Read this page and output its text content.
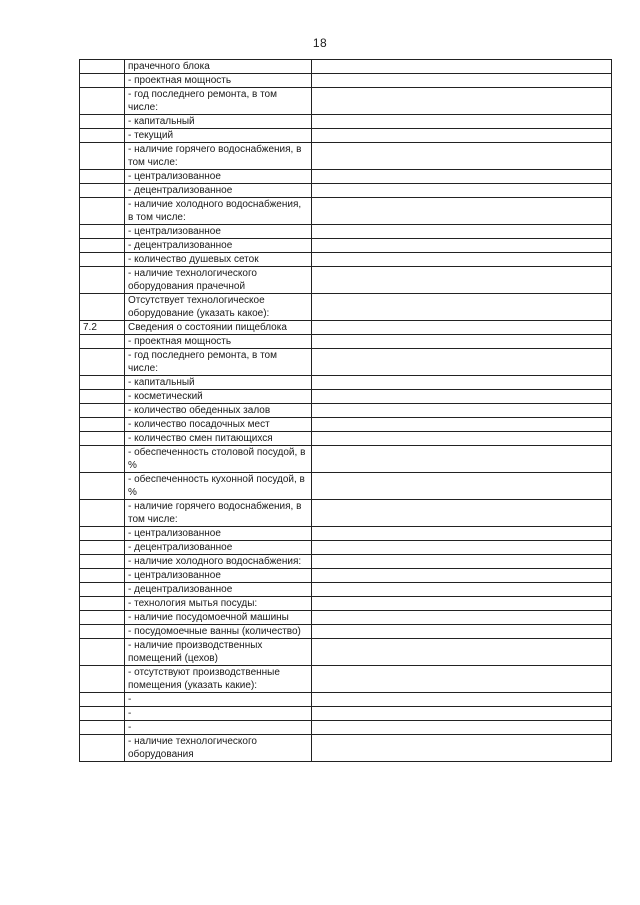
18
	прачечного блока	
	- проектная мощность	
	- год последнего ремонта, в том числе:	
	- капитальный	
	- текущий	
	- наличие горячего водоснабжения, в том числе:	
	- централизованное	
	- децентрализованное	
	- наличие холодного водоснабжения, в том числе:	
	- централизованное	
	- децентрализованное	
	- количество душевых сеток	
	- наличие технологического оборудования прачечной	
	Отсутствует технологическое оборудование (указать какое):	
7.2	Сведения о состоянии пищеблока	
	- проектная мощность	
	- год последнего ремонта, в том числе:	
	- капитальный	
	- косметический	
	- количество обеденных залов	
	- количество посадочных мест	
	- количество смен питающихся	
	- обеспеченность столовой посудой, в %	
	- обеспеченность кухонной посудой, в %	
	- наличие горячего водоснабжения, в том числе:	
	- централизованное	
	- децентрализованное	
	- наличие холодного водоснабжения:	
	- централизованное	
	- децентрализованное	
	- технология мытья посуды:	
	- наличие посудомоечной машины	
	- посудомоечные ванны (количество)	
	- наличие производственных помещений (цехов)	
	- отсутствуют производственные помещения (указать какие):	
	-	
	-	
	-	
	- наличие технологического оборудования	
